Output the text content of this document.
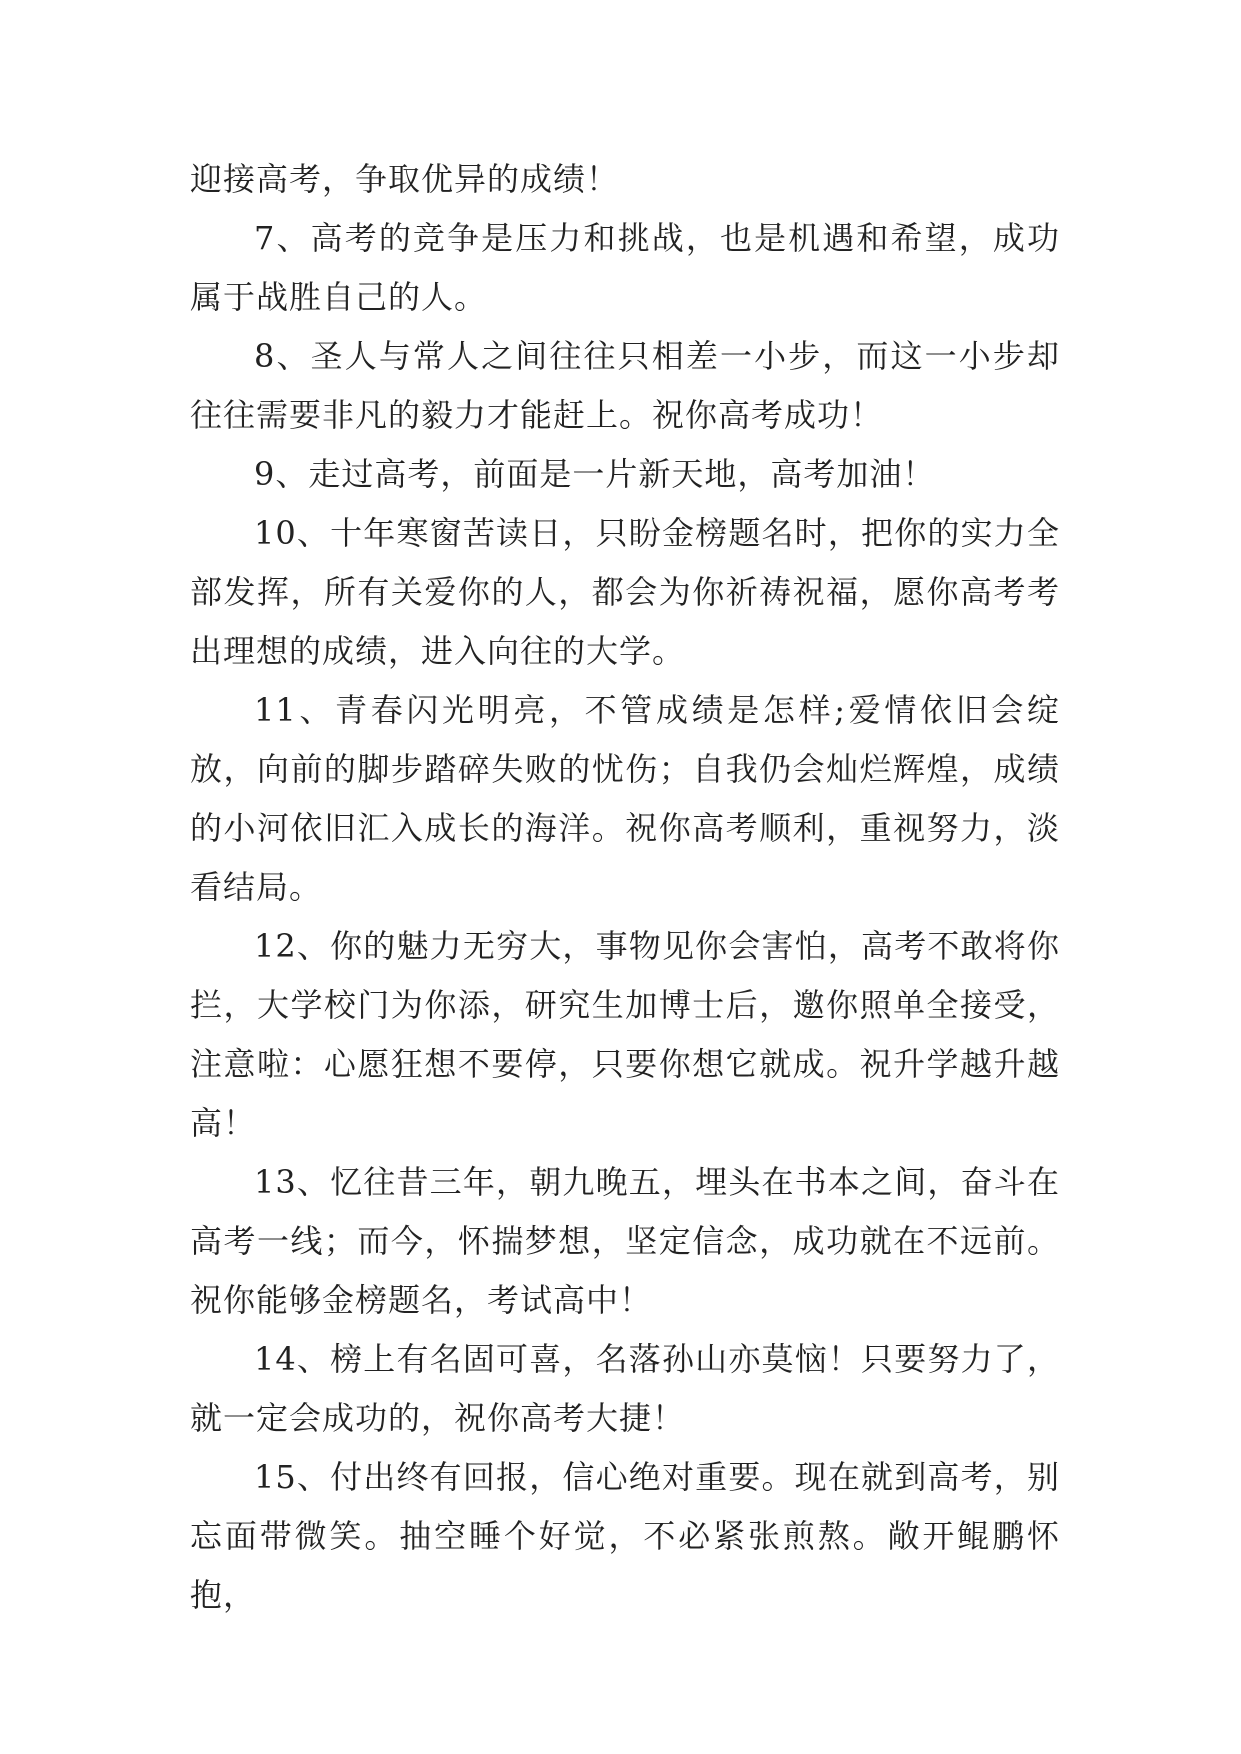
迎接高考，争取优异的成绩！

7、高考的竞争是压力和挑战，也是机遇和希望，成功属于战胜自己的人。

8、圣人与常人之间往往只相差一小步，而这一小步却往往需要非凡的毅力才能赶上。祝你高考成功！

9、走过高考，前面是一片新天地，高考加油！

10、十年寒窗苦读日，只盼金榜题名时，把你的实力全部发挥，所有关爱你的人，都会为你祈祷祝福，愿你高考考出理想的成绩，进入向往的大学。

11、青春闪光明亮，不管成绩是怎样;爱情依旧会绽放，向前的脚步踏碎失败的忧伤；自我仍会灿烂辉煌，成绩的小河依旧汇入成长的海洋。祝你高考顺利，重视努力，淡看结局。

12、你的魅力无穷大，事物见你会害怕，高考不敢将你拦，大学校门为你添，研究生加博士后，邀你照单全接受，注意啦：心愿狂想不要停，只要你想它就成。祝升学越升越高！

13、忆往昔三年，朝九晚五，埋头在书本之间，奋斗在高考一线；而今，怀揣梦想，坚定信念，成功就在不远前。祝你能够金榜题名，考试高中！

14、榜上有名固可喜，名落孙山亦莫恼！只要努力了，就一定会成功的，祝你高考大捷！

15、付出终有回报，信心绝对重要。现在就到高考，别忘面带微笑。抽空睡个好觉，不必紧张煎熬。敞开鲲鹏怀抱，
